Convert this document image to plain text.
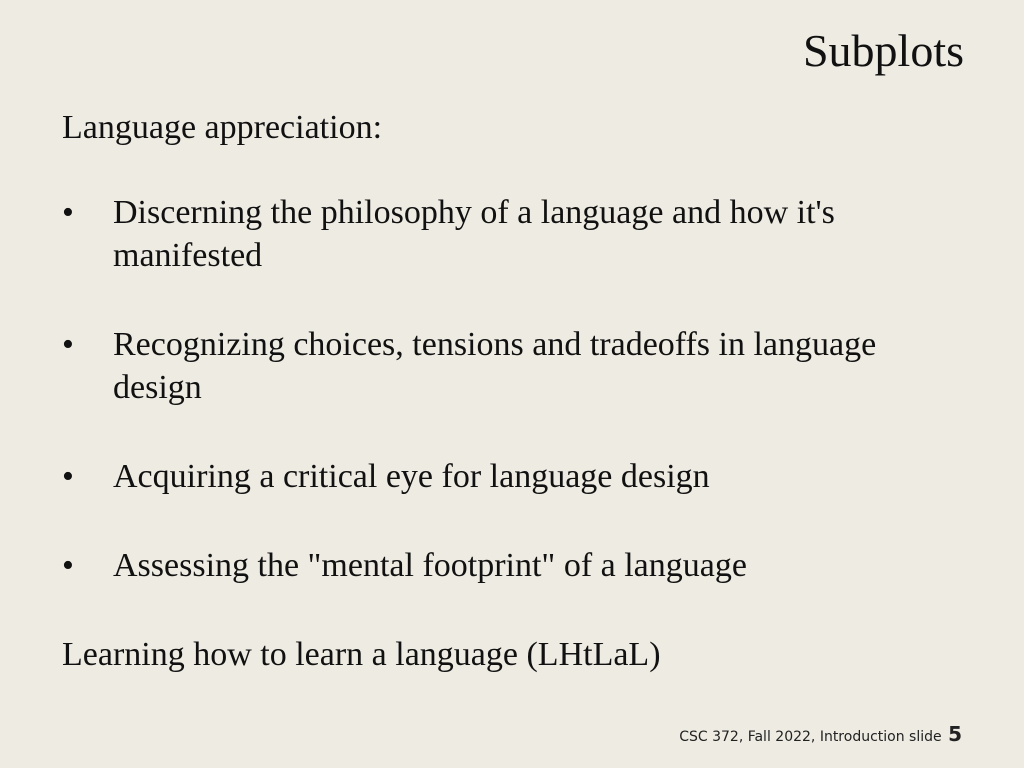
Subplots

Language appreciation:

• Discerning the philosophy of a language and how it's manifested
• Recognizing choices, tensions and tradeoffs in language design
• Acquiring a critical eye for language design
• Assessing the "mental footprint" of a language

Learning how to learn a language (LHtLaL)

CSC 372, Fall 2022, Introduction slide 5
